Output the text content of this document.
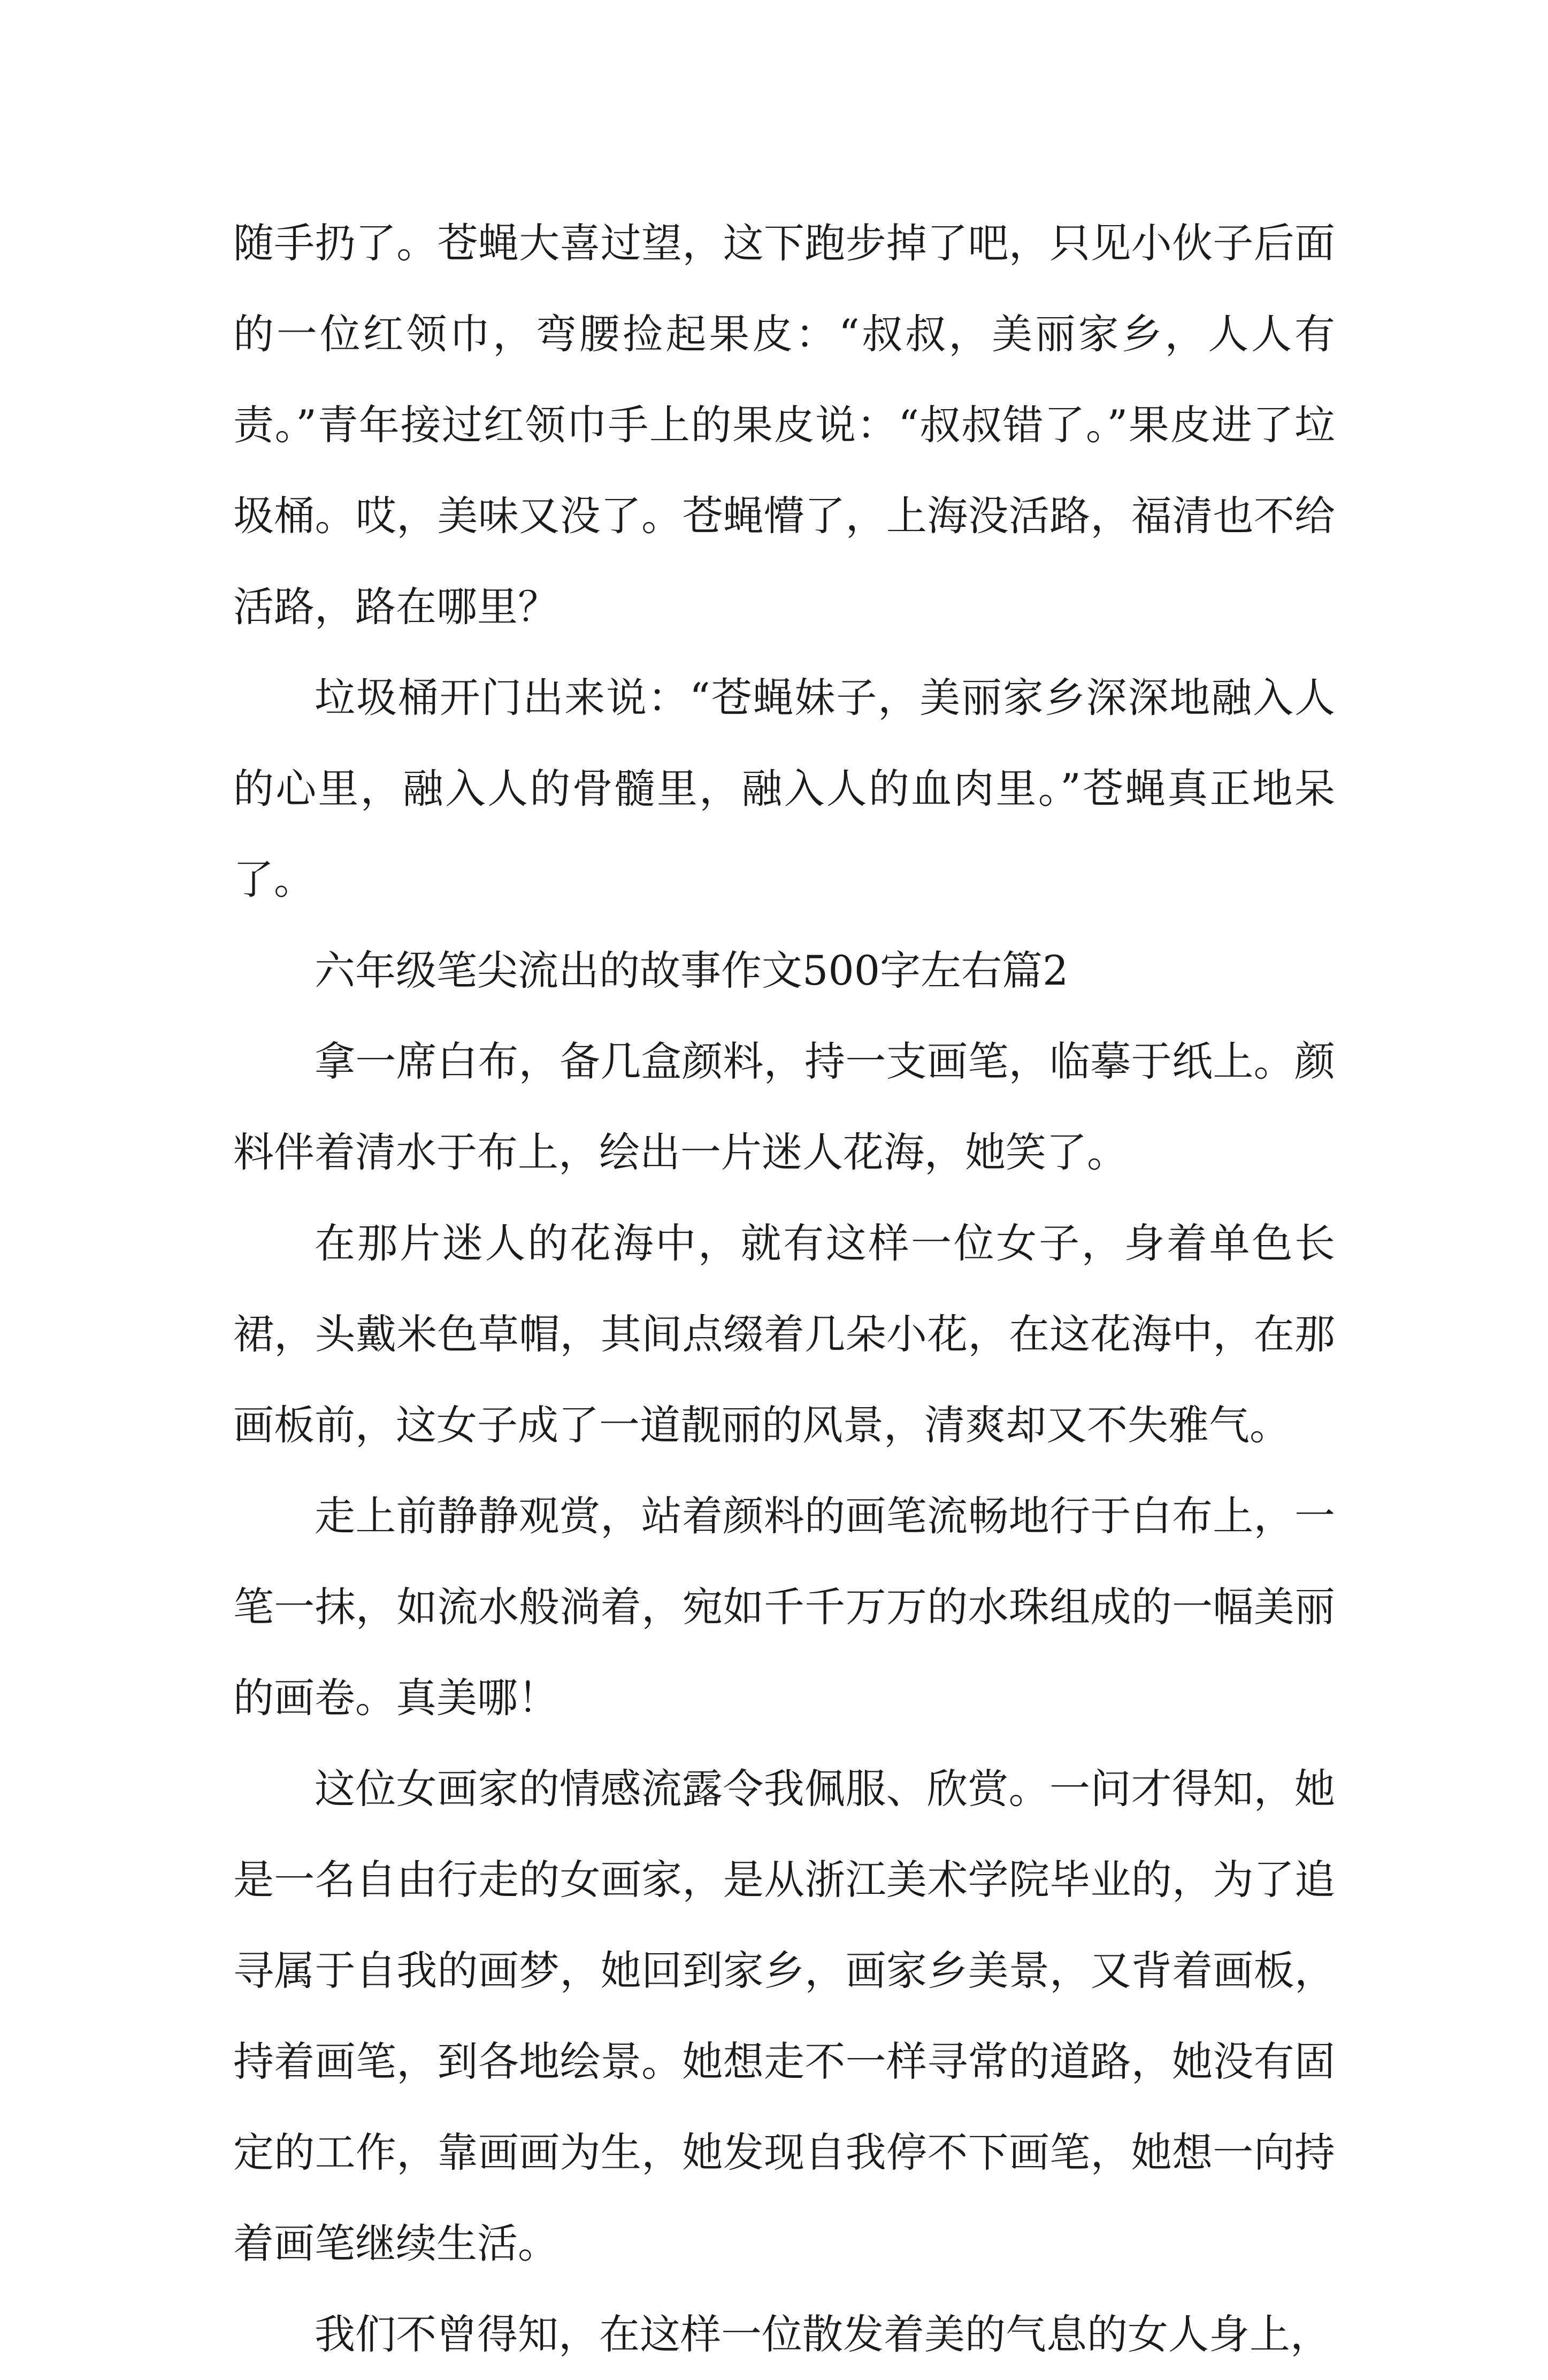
随手扔了。苍蝇大喜过望，这下跑步掉了吧，只见小伙子后面的一位红领巾，弯腰捡起果皮：“叔叔，美丽家乡，人人有责。”青年接过红领巾手上的果皮说：“叔叔错了。”果皮进了垃圾桶。哎，美味又没了。苍蝇懵了，上海没活路，福清也不给活路，路在哪里？

垃圾桶开门出来说：“苍蝇妹子，美丽家乡深深地融入人的心里，融入人的骨髓里，融入人的血肉里。”苍蝇真正地呆了。

六年级笔尖流出的故事作文500字左右篇2

拿一席白布，备几盒颜料，持一支画笔，临摹于纸上。颜料伴着清水于布上，绘出一片迷人花海，她笑了。

在那片迷人的花海中，就有这样一位女子，身着单色长裙，头戴米色草帽，其间点缀着几朵小花，在这花海中，在那画板前，这女子成了一道靓丽的风景，清爽却又不失雅气。

走上前静静观赏，站着颜料的画笔流畅地行于白布上，一笔一抹，如流水般淌着，宛如千千万万的水珠组成的一幅美丽的画卷。真美哪！

这位女画家的情感流露令我佩服、欣赏。一问才得知，她是一名自由行走的女画家，是从浙江美术学院毕业的，为了追寻属于自我的画梦，她回到家乡，画家乡美景，又背着画板，持着画笔，到各地绘景。她想走不一样寻常的道路，她没有固定的工作，靠画画为生，她发现自我停不下画笔，她想一向持着画笔继续生活。

我们不曾得知，在这样一位散发着美的气息的女人身上，
